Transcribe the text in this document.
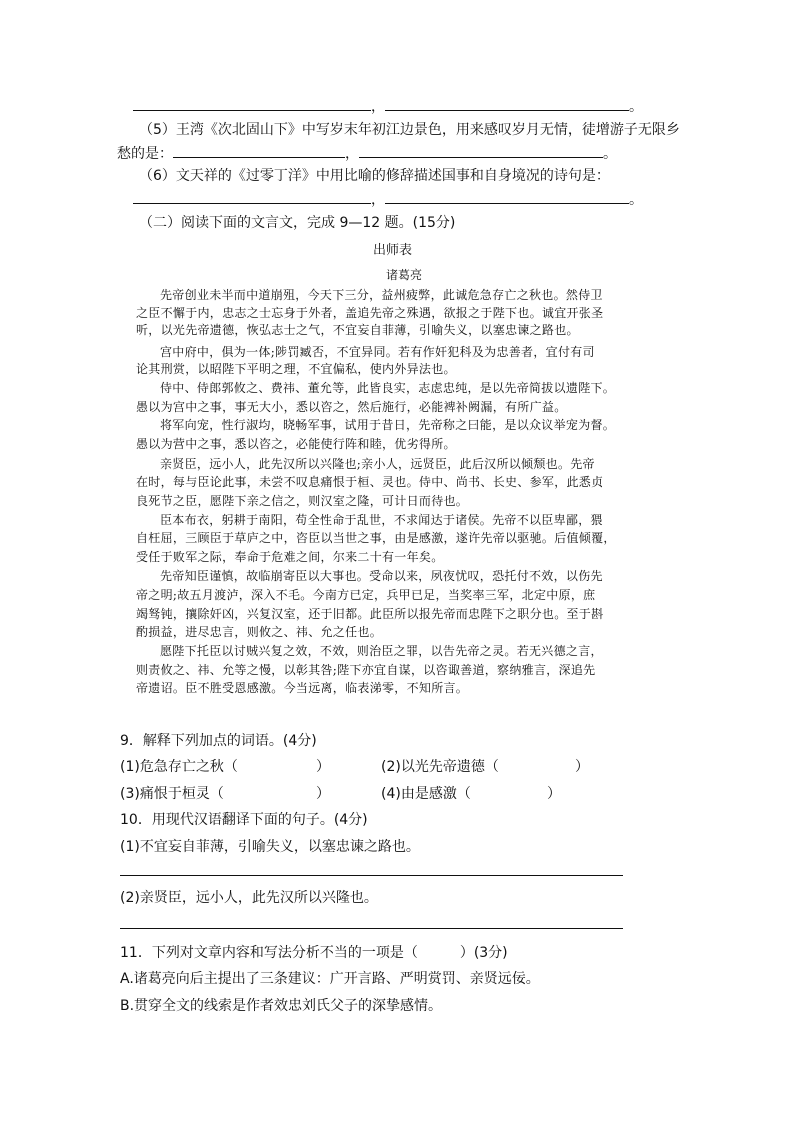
，	。
（5）王湾《次北固山下》中写岁末年初江边景色，用来感叹岁月无情，徒增游子无限乡
愁的是：	，	。
（6）文天祥的《过零丁洋》中用比喻的修辞描述国事和自身境况的诗句是：
，	。
（二）阅读下面的文言文，完成 9—12 题。(15分)
出师表
诸葛亮
先帝创业未半而中道崩殂，今天下三分，益州疲弊，此诚危急存亡之秋也。然侍卫
之臣不懈于内，忠志之士忘身于外者，盖追先帝之殊遇，欲报之于陛下也。诚宜开张圣
听，以光先帝遗德，恢弘志士之气，不宜妄自菲薄，引喻失义，以塞忠谏之路也。
宫中府中，俱为一体;陟罚臧否，不宜异同。若有作奸犯科及为忠善者，宜付有司
论其刑赏，以昭陛下平明之理，不宜偏私，使内外异法也。
侍中、侍郎郭攸之、费祎、董允等，此皆良实，志虑忠纯，是以先帝简拔以遗陛下。
愚以为宫中之事，事无大小，悉以咨之，然后施行，必能裨补阙漏，有所广益。
将军向宠，性行淑均，晓畅军事，试用于昔日，先帝称之曰能，是以众议举宠为督。
愚以为营中之事，悉以咨之，必能使行阵和睦，优劣得所。
亲贤臣，远小人，此先汉所以兴隆也;亲小人，远贤臣，此后汉所以倾颓也。先帝
在时，每与臣论此事，未尝不叹息痛恨于桓、灵也。侍中、尚书、长史、参军，此悉贞
良死节之臣，愿陛下亲之信之，则汉室之隆，可计日而待也。
臣本布衣，躬耕于南阳，苟全性命于乱世，不求闻达于诸侯。先帝不以臣卑鄙，猥
自枉屈，三顾臣于草庐之中，咨臣以当世之事，由是感激，遂许先帝以驱驰。后值倾覆，
受任于败军之际，奉命于危难之间，尔来二十有一年矣。
先帝知臣谨慎，故临崩寄臣以大事也。受命以来，夙夜忧叹，恐托付不效，以伤先
帝之明;故五月渡泸，深入不毛。今南方已定，兵甲已足，当奖率三军，北定中原，庶
竭驽钝，攘除奸凶，兴复汉室，还于旧都。此臣所以报先帝而忠陛下之职分也。至于斟
酌损益，进尽忠言，则攸之、祎、允之任也。
愿陛下托臣以讨贼兴复之效，不效，则治臣之罪，以告先帝之灵。若无兴德之言，
则责攸之、祎、允等之慢，以彰其咎;陛下亦宜自谋，以咨诹善道，察纳雅言，深追先
帝遗诏。臣不胜受恩感激。今当远离，临表涕零，不知所言。
9．解释下列加点的词语。(4分)
(1)危急存亡之秋（	）	(2)以光先帝遗德（	）
(3)痛恨于桓灵（	）	(4)由是感激（	）
10．用现代汉语翻译下面的句子。(4分)
(1)不宜妄自菲薄，引喻失义，以塞忠谏之路也。
(2)亲贤臣，远小人，此先汉所以兴隆也。
11．下列对文章内容和写法分析不当的一项是（　　　）(3分)
A.诸葛亮向后主提出了三条建议：广开言路、严明赏罚、亲贤远佞。
B.贯穿全文的线索是作者效忠刘氏父子的深挚感情。
